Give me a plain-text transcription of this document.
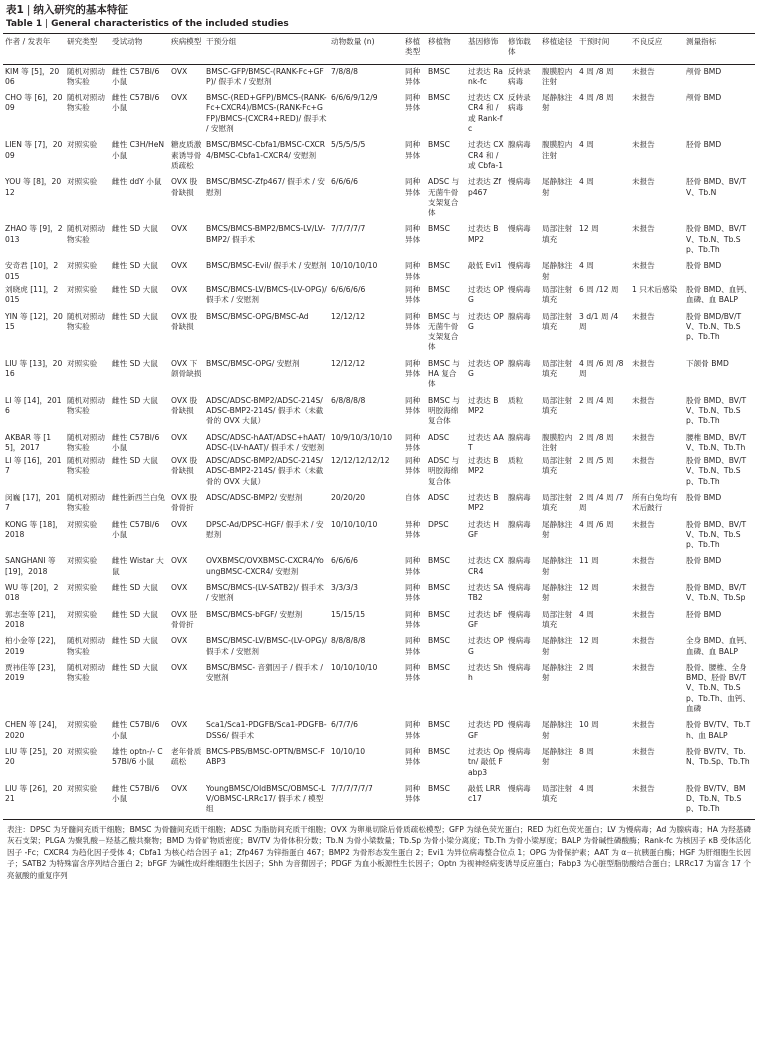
表1 | 纳入研究的基本特征
Table 1 | General characteristics of the included studies
作者 / 发表年	研究类型	受试动物	疾病模型	干预分组	动物数量 (n)	移植类型	移植物	基因修饰	修饰载体	移植途径	干预时间	不良反应	测量指标
KIM 等 [5]，2006	随机对照动物实验	雌性 C57Bl/6 小鼠	OVX	BMSC-GFP/BMSC-(RANK-Fc+GFP)/ 假手术 / 安慰剂	7/8/8/8	同种异体	BMSC	过表达 Rank-fc	反转录病毒	腹膜腔内注射	4 周 /8 周	未报告	颅骨 BMD
CHO 等 [6]，2009	随机对照动物实验	雌性 C57Bl/6 小鼠	OVX	BMSC-(RED+GFP)/BMCS-(RANK-Fc+CXCR4)/BMCS-(RANK-Fc+GFP)/BMCS-(CXCR4+RED)/ 假手术 / 安慰剂	6/6/6/9/12/9	同种异体	BMSC	过表达 CXCR4 和 / 或 Rank-fc	反转录病毒	尾静脉注射	4 周 /8 周	未报告	颅骨 BMD
LIEN 等 [7]，2009	对照实验	雌性 C3H/HeN 小鼠	糖皮质激素诱导骨质疏松	BMSC/BMSC-Cbfa1/BMSC-CXCR4/BMSC-Cbfa1-CXCR4/ 安慰剂	5/5/5/5/5	同种异体	BMSC	过表达 CXCR4 和 / 或 Cbfa-1	腺病毒	腹膜腔内注射	4 周	未报告	胫骨 BMD
YOU 等 [8]，2012	对照实验	雌性 ddY 小鼠	OVX 股骨缺损	BMSC/BMSC-Zfp467/ 假手术 / 安慰剂	6/6/6/6	同种异体	ADSC 与无菌牛骨支架复合体	过表达 Zfp467	慢病毒	尾静脉注射	4 周	未报告	胫骨 BMD、BV/TV、Tb.N
ZHAO 等 [9]，2013	随机对照动物实验	雌性 SD 大鼠	OVX	BMCS/BMCS-BMP2/BMCS-LV/LV-BMP2/ 假手术	7/7/7/7/7	同种异体	BMSC	过表达 BMP2	慢病毒	局部注射填充	12 周	未报告	股骨 BMD、BV/TV、Tb.N、Tb.Sp、Tb.Th
安奇君 [10]，2015	对照实验	雌性 SD 大鼠	OVX	BMSC/BMSC-Evil/ 假手术 / 安慰剂	10/10/10/10	同种异体	BMSC	敲低 Evi1	慢病毒	尾静脉注射	4 周	未报告	股骨 BMD
刘晓虎 [11]，2015	对照实验	雌性 SD 大鼠	OVX	BMSC/BMCS-LV/BMCS-(LV-OPG)/ 假手术 / 安慰剂	6/6/6/6/6	同种异体	BMSC	过表达 OPG	慢病毒	局部注射填充	6 周 /12 周	1 只术后感染	股骨 BMD、血钙、血磷、血 BALP
YIN 等 [12]，2015	随机对照动物实验	雌性 SD 大鼠	OVX 股骨缺损	BMSC/BMSC-OPG/BMSC-Ad	12/12/12	同种异体	BMSC 与无菌牛骨支架复合体	过表达 OPG	腺病毒	局部注射填充	3 d/1 周 /4 周	未报告	股骨 BMD/BV/TV、Tb.N、Tb.Sp、Tb.Th
LIU 等 [13]，2016	对照实验	雌性 SD 大鼠	OVX 下颌骨缺损	BMSC/BMSC-OPG/ 安慰剂	12/12/12	同种异体	BMSC 与 HA 复合体	过表达 OPG	腺病毒	局部注射填充	4 周 /6 周 /8 周	未报告	下颌骨 BMD
LI 等 [14]，2016	随机对照动物实验	雌性 SD 大鼠	OVX 股骨缺损	ADSC/ADSC-BMP2/ADSC-214S/ADSC-BMP2-214S/ 假手术（未截骨的 OVX 大鼠）	6/8/8/8/8	同种异体	BMSC 与明胶海绵复合体	过表达 BMP2	质粒	局部注射填充	2 周 /4 周	未报告	股骨 BMD、BV/TV、Tb.N、Tb.Sp、Tb.Th
AKBAR 等 [15]，2017	随机对照动物实验	雌性 C57Bl/6 小鼠	OVX	ADSC/ADSC-hAAT/ADSC+hAAT/ADSC-(LV-hAAT)/ 假手术 / 安慰剂	10/9/10/3/10/10	同种异体	ADSC	过表达 AAT	腺病毒	腹膜腔内注射	2 周 /8 周	未报告	腰椎 BMD、BV/TV、Tb.N、Tb.Th
LI 等 [16]，2017	随机对照动物实验	雌性 SD 大鼠	OVX 股骨缺损	ADSC/ADSC-BMP2/ADSC-214S/ADSC-BMP2-214S/ 假手术（未截骨的 OVX 大鼠）	12/12/12/12/12	同种异体	ADSC 与明胶海绵复合体	过表达 BMP2	质粒	局部注射填充	2 周 /5 周	未报告	股骨 BMD、BV/TV、Tb.N、Tb.Sp、Tb.Th
闵巍 [17]，2017	随机对照动物实验	雌性新西兰白兔	OVX 股骨骨折	ADSC/ADSC-BMP2/ 安慰剂	20/20/20	自体	ADSC	过表达 BMP2	腺病毒	局部注射填充	2 周 /4 周 /7 周	所有白兔均有术后跛行	股骨 BMD
KONG 等 [18]，2018	对照实验	雌性 C57Bl/6 小鼠	OVX	DPSC-Ad/DPSC-HGF/ 假手术 / 安慰剂	10/10/10/10	异种异体	DPSC	过表达 HGF	腺病毒	尾静脉注射	4 周 /6 周	未报告	股骨 BMD、BV/TV、Tb.N、Tb.Sp、Tb.Th
SANGHANI 等 [19]，2018	对照实验	雌性 Wistar 大鼠	OVX	OVXBMSC/OVXBMSC-CXCR4/YoungBMSC-CXCR4/ 安慰剂	6/6/6/6	同种异体	BMSC	过表达 CXCR4	腺病毒	尾静脉注射	11 周	未报告	股骨 BMD
WU 等 [20]，2018	对照实验	雌性 SD 大鼠	OVX	BMSC/BMCS-(LV-SATB2)/ 假手术 / 安慰剂	3/3/3/3	同种异体	BMSC	过表达 SATB2	慢病毒	尾静脉注射	12 周	未报告	股骨 BMD、BV/TV、Tb.N、Tb.Sp
郭志奎等 [21]，2018	对照实验	雌性 SD 大鼠	OVX 胫骨骨折	BMSC/BMCS-bFGF/ 安慰剂	15/15/15	同种异体	BMSC	过表达 bFGF	慢病毒	局部注射填充	4 周	未报告	胫骨 BMD
柏小金等 [22]，2019	随机对照动物实验	雌性 SD 大鼠	OVX	BMSC/BMSC-LV/BMSC-(LV-OPG)/ 假手术 / 安慰剂	8/8/8/8/8	同种异体	BMSC	过表达 OPG	慢病毒	尾静脉注射	12 周	未报告	全身 BMD、血钙、血磷、血 BALP
贾祎佳等 [23]，2019	随机对照动物实验	雌性 SD 大鼠	OVX	BMSC/BMSC- 音猬因子 / 假手术 / 安慰剂	10/10/10/10	同种异体	BMSC	过表达 Shh	慢病毒	尾静脉注射	2 周	未报告	股骨、腰椎、全身 BMD、胫骨 BV/TV、Tb.N、Tb.Sp、Tb.Th、血钙、血磷
CHEN 等 [24]，2020	对照实验	雌性 C57Bl/6 小鼠	OVX	Sca1/Sca1-PDGFB/Sca1-PDGFB-DSS6/ 假手术	6/7/7/6	同种异体	BMSC	过表达 PDGF	慢病毒	尾静脉注射	10 周	未报告	股骨 BV/TV、Tb.Th、血 BALP
LIU 等 [25]，2020	对照实验	雄性 optn-/- C57Bl/6 小鼠	老年骨质疏松	BMCS-PBS/BMSC-OPTN/BMSC-FABP3	10/10/10	同种异体	BMSC	过表达 Optn/ 敲低 Fabp3	慢病毒	尾静脉注射	8 周	未报告	股骨 BV/TV、Tb.N、Tb.Sp、Tb.Th
LIU 等 [26]，2021	对照实验	雌性 C57Bl/6 小鼠	OVX	YoungBMSC/OldBMSC/OBMSC-LV/OBMSC-LRRc17/ 假手术 / 模型组	7/7/7/7/7/7	同种异体	BMSC	敲低 LRRc17	慢病毒	局部注射填充	4 周	未报告	股骨 BV/TV、BMD、Tb.N、Tb.Sp、Tb.Th
表注：DPSC 为牙髓间充质干细胞；BMSC 为骨髓间充质干细胞；ADSC 为脂肪间充质干细胞；OVX 为卵巢切除后骨质疏松模型；GFP 为绿色荧光蛋白；RED 为红色荧光蛋白；LV 为慢病毒；Ad 为腺病毒；HA 为羟基磷灰石支架；PLGA 为聚乳酸－羟基乙酸共聚物；BMD 为骨矿物质密度；BV/TV 为骨体积分数；Tb.N 为骨小梁数量；Tb.Sp 为骨小梁分离度；Tb.Th 为骨小梁厚度；BALP 为骨碱性磷酸酶；Rank-fc 为核因子 κB 受体活化因子 -Fc；CXCR4 为趋化因子受体 4；Cbfa1 为核心结合因子 a1；Zfp467 为锌指蛋白 467；BMP2 为骨形态发生蛋白 2；Evi1 为异位病毒整合位点 1；OPG 为骨保护素；AAT 为 α－抗胰蛋白酶；HGF 为肝细胞生长因子；SATB2 为特殊富含序列结合蛋白 2；bFGF 为碱性成纤维细胞生长因子；Shh 为音猬因子；PDGF 为血小板源性生长因子；Optn 为视神经病变诱导反应蛋白；Fabp3 为心脏型脂肪酸结合蛋白；LRRc17 为富含 17 个亮氨酸的重复序列
